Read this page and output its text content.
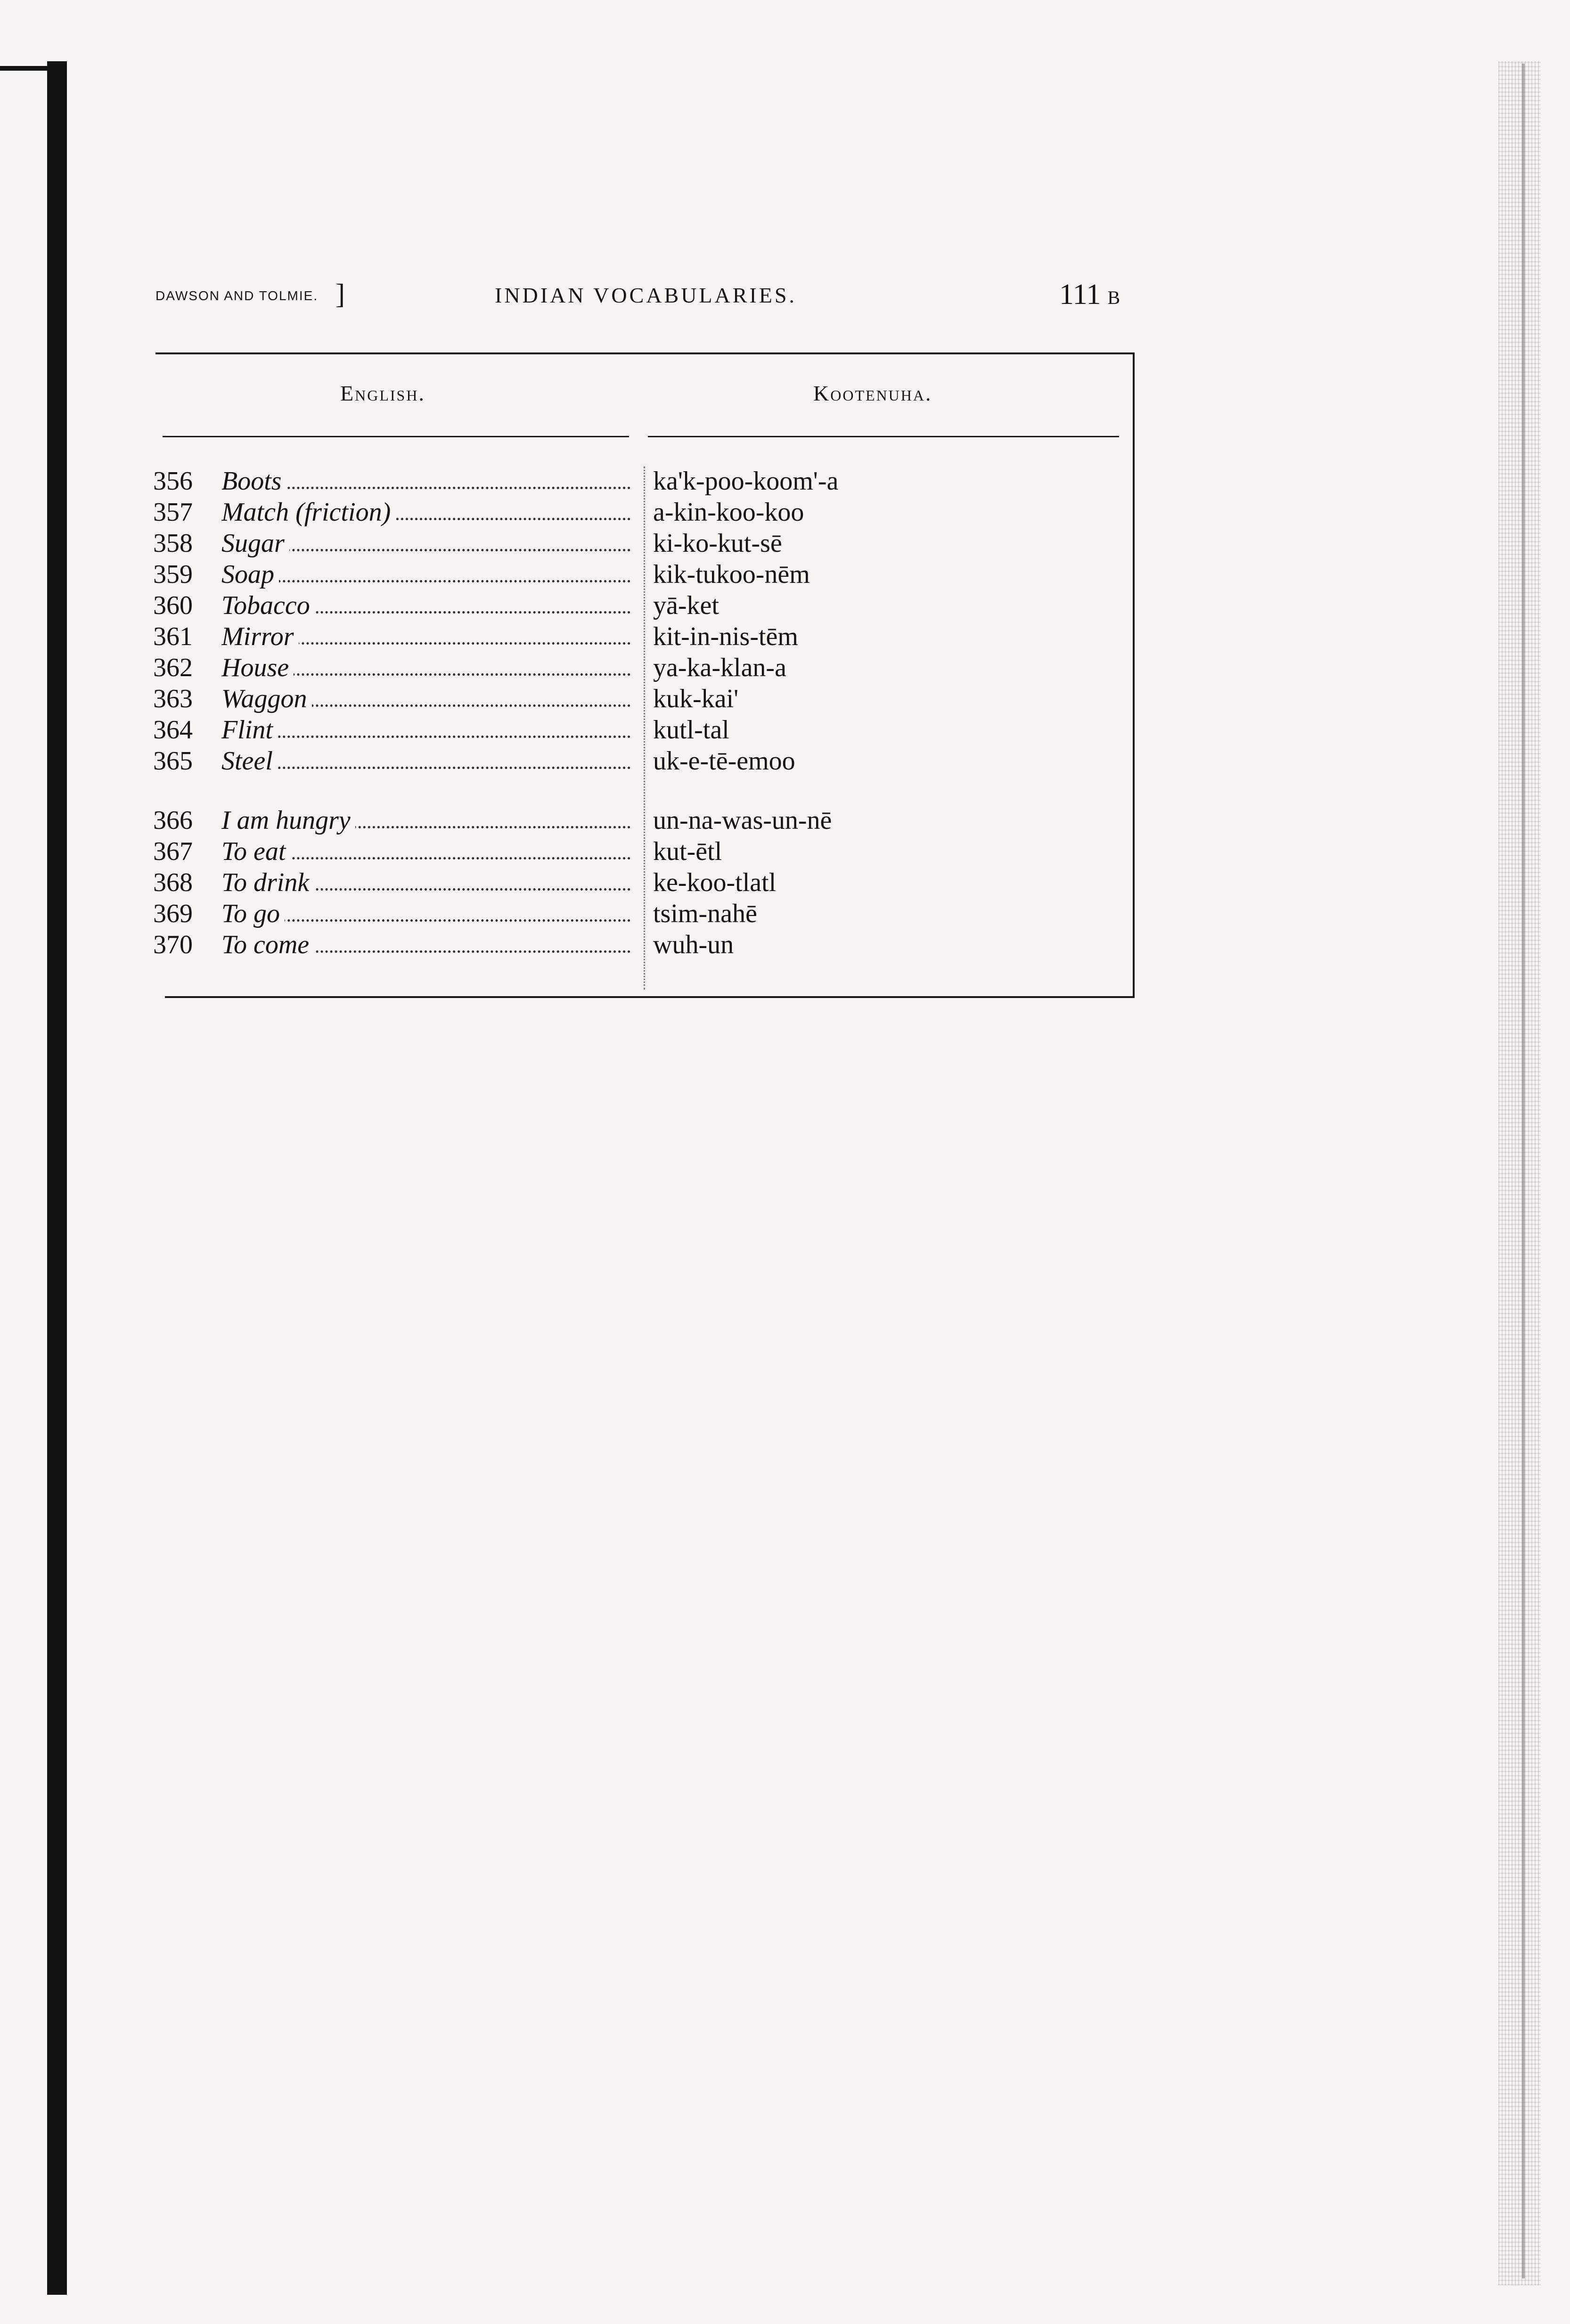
DAWSON AND TOLMIE. ]	INDIAN VOCABULARIES.	111 B
English.	Kootenuha.
356	Boots	ka'k-poo-koom'-a
357	Match (friction)	a-kin-koo-koo
358	Sugar	ki-ko-kut-sē
359	Soap	kik-tukoo-nēm
360	Tobacco	yā-ket
361	Mirror	kit-in-nis-tēm
362	House	ya-ka-klan-a
363	Waggon	kuk-kai'
364	Flint	kutl-tal
365	Steel	uk-e-tē-emoo
366	I am hungry	un-na-was-un-nē
367	To eat	kut-ētl
368	To drink	ke-koo-tlatl
369	To go	tsim-nahē
370	To come	wuh-un
